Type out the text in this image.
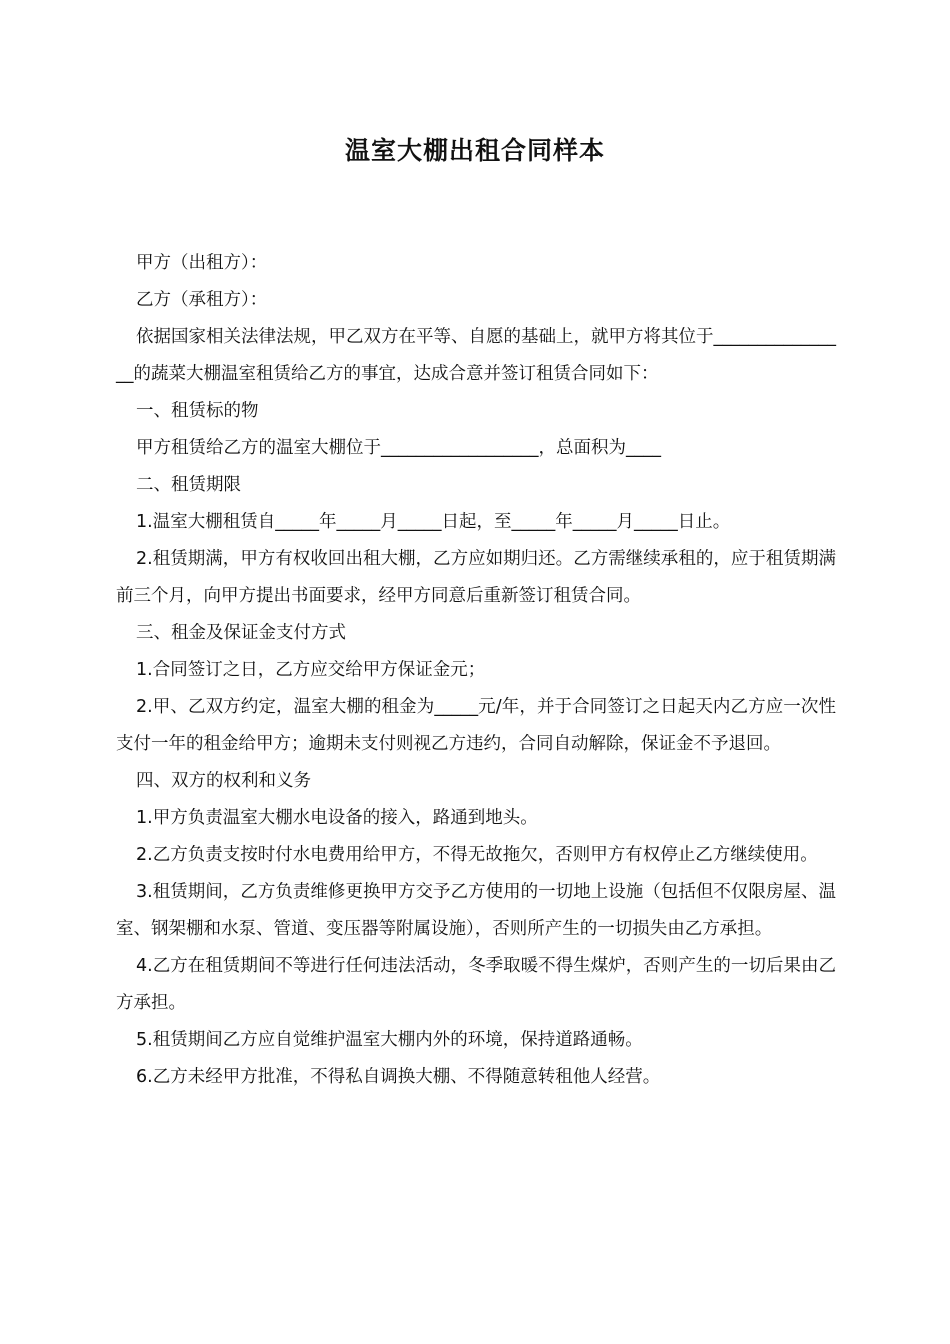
温室大棚出租合同样本

甲方（出租方）：

乙方（承租方）：

依据国家相关法律法规，甲乙双方在平等、自愿的基础上，就甲方将其位于________________的蔬菜大棚温室租赁给乙方的事宜，达成合意并签订租赁合同如下：

一、租赁标的物

甲方租赁给乙方的温室大棚位于__________________，总面积为____

二、租赁期限

1.温室大棚租赁自_____年_____月_____日起，至_____年_____月_____日止。

2.租赁期满，甲方有权收回出租大棚，乙方应如期归还。乙方需继续承租的，应于租赁期满前三个月，向甲方提出书面要求，经甲方同意后重新签订租赁合同。

三、租金及保证金支付方式

1.合同签订之日，乙方应交给甲方保证金元；

2.甲、乙双方约定，温室大棚的租金为_____元/年，并于合同签订之日起天内乙方应一次性支付一年的租金给甲方；逾期未支付则视乙方违约，合同自动解除，保证金不予退回。

四、双方的权利和义务

1.甲方负责温室大棚水电设备的接入，路通到地头。

2.乙方负责支按时付水电费用给甲方，不得无故拖欠，否则甲方有权停止乙方继续使用。

3.租赁期间，乙方负责维修更换甲方交予乙方使用的一切地上设施（包括但不仅限房屋、温室、钢架棚和水泵、管道、变压器等附属设施），否则所产生的一切损失由乙方承担。

4.乙方在租赁期间不等进行任何违法活动，冬季取暖不得生煤炉，否则产生的一切后果由乙方承担。

5.租赁期间乙方应自觉维护温室大棚内外的环境，保持道路通畅。

6.乙方未经甲方批准，不得私自调换大棚、不得随意转租他人经营。
